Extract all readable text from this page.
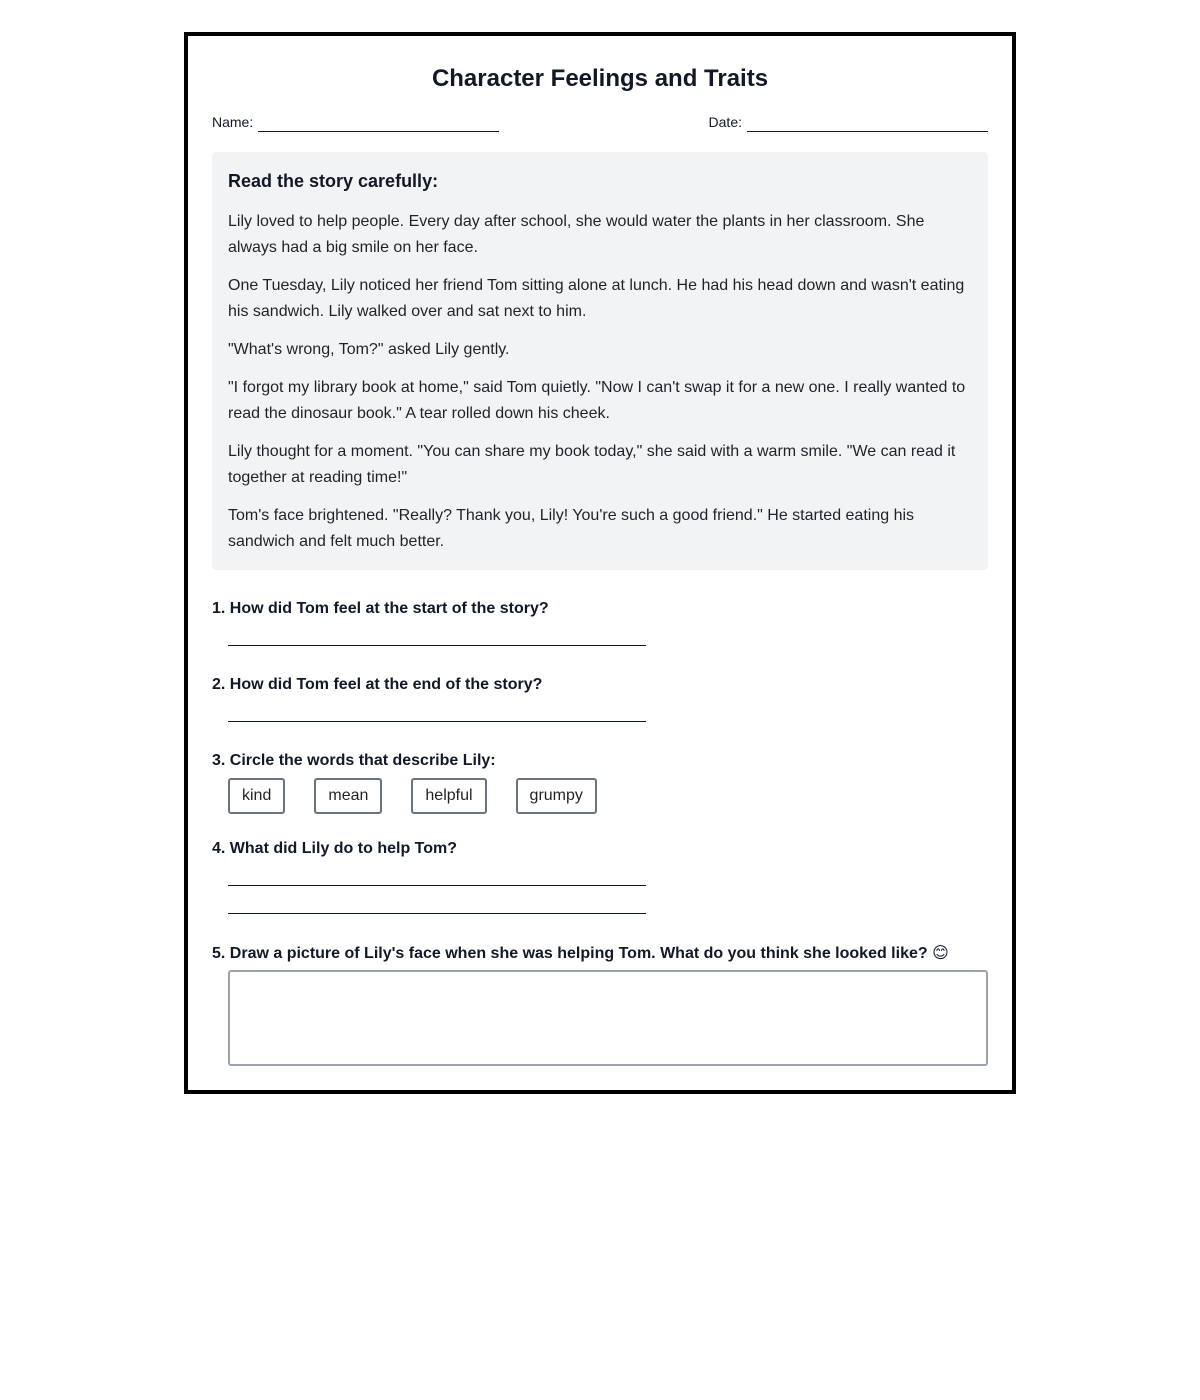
Character Feelings and Traits
Name:	Date:
Read the story carefully:

Lily loved to help people. Every day after school, she would water the plants in her classroom. She always had a big smile on her face.

One Tuesday, Lily noticed her friend Tom sitting alone at lunch. He had his head down and wasn't eating his sandwich. Lily walked over and sat next to him.

"What's wrong, Tom?" asked Lily gently.

"I forgot my library book at home," said Tom quietly. "Now I can't swap it for a new one. I really wanted to read the dinosaur book." A tear rolled down his cheek.

Lily thought for a moment. "You can share my book today," she said with a warm smile. "We can read it together at reading time!"

Tom's face brightened. "Really? Thank you, Lily! You're such a good friend." He started eating his sandwich and felt much better.

1. How did Tom feel at the start of the story?
2. How did Tom feel at the end of the story?
3. Circle the words that describe Lily:
kind	mean	helpful	grumpy
4. What did Lily do to help Tom?
5. Draw a picture of Lily's face when she was helping Tom. What do you think she looked like? 😊
